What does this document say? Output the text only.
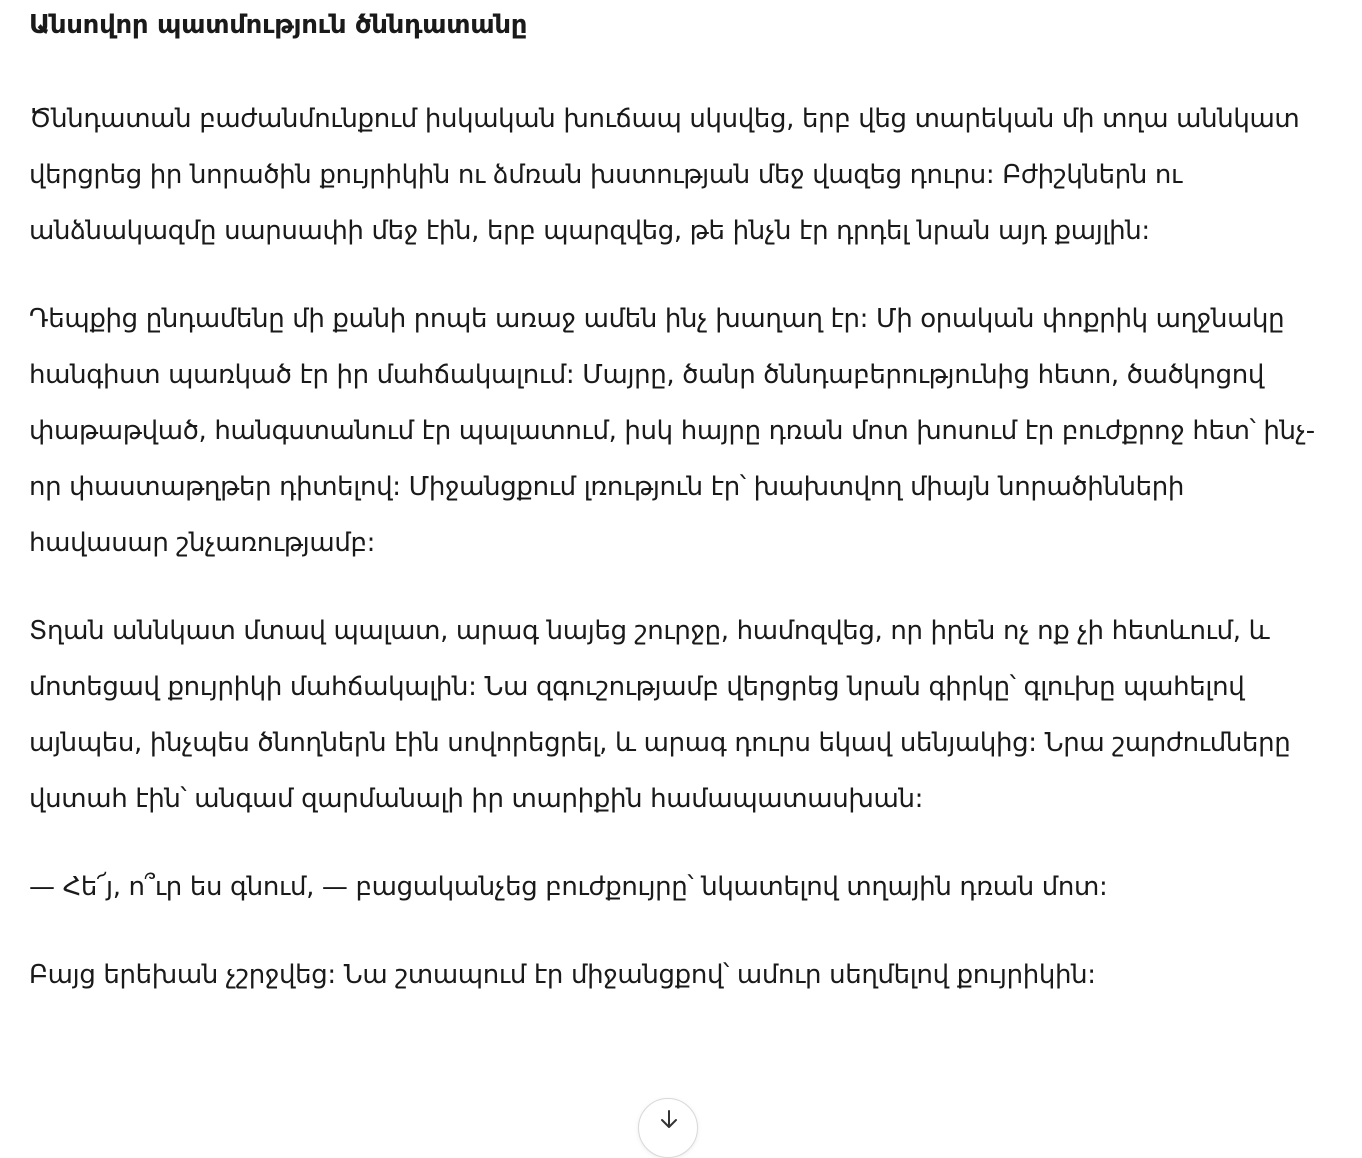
Անսովոր պատմություն ծննդատանը

Ծննդատան բաժանմունքում իսկական խուճապ սկսվեց, երբ վեց տարեկան մի տղա աննկատ վերցրեց իր նորածին քույրիկին ու ձմռան խստության մեջ վազեց դուրս: Բժիշկներն ու անձնակազմը սարսափի մեջ էին, երբ պարզվեց, թե ինչն էր դրդել նրան այդ քայլին:

Դեպքից ընդամենը մի քանի րոպե առաջ ամեն ինչ խաղաղ էր: Մի օրական փոքրիկ աղջնակը հանգիստ պառկած էր իր մահճակալում: Մայրը, ծանր ծննդաբերությունից հետո, ծածկոցով փաթաթված, հանգստանում էր պալատում, իսկ հայրը դռան մոտ խոսում էր բուժքրոջ հետ՝ ինչ-որ փաստաթղթեր դիտելով: Միջանցքում լռություն էր՝ խախտվող միայն նորածինների հավասար շնչառությամբ:

Տղան աննկատ մտավ պալատ, արագ նայեց շուրջը, համոզվեց, որ իրեն ոչ ոք չի հետևում, և մոտեցավ քույրիկի մահճակալին: Նա զգուշությամբ վերցրեց նրան գիրկը՝ գլուխը պահելով այնպես, ինչպես ծնողներն էին սովորեցրել, և արագ դուրս եկավ սենյակից: Նրա շարժումները վստահ էին՝ անգամ զարմանալի իր տարիքին համապատասխան:

— Հե՜յ, ո՞ւր ես գնում, — բացականչեց բուժքույրը՝ նկատելով տղային դռան մոտ:

Բայց երեխան չշրջվեց: Նա շտապում էր միջանցքով՝ ամուր սեղմելով քույրիկին:
